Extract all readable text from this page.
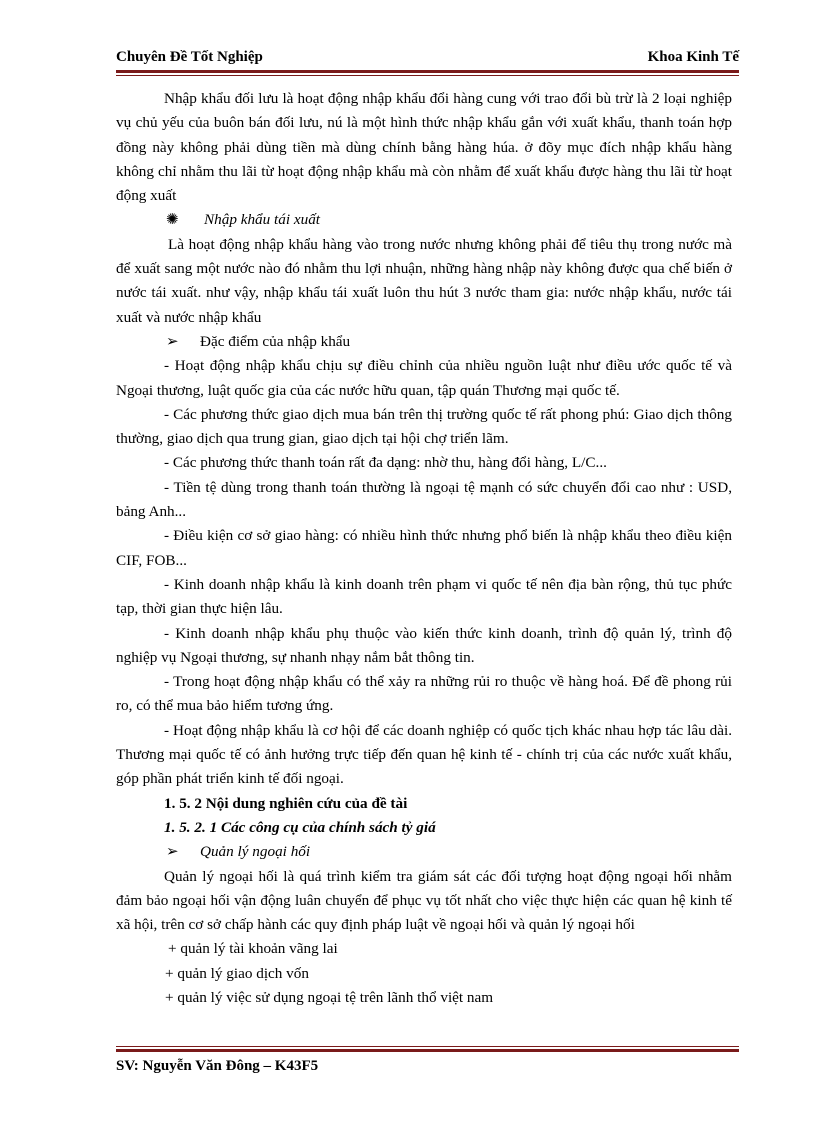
Chuyên Đề Tốt Nghiệp	Khoa Kinh Tế

Nhập khẩu đối lưu là hoạt động nhập khẩu đổi hàng cung với trao đổi bù trừ là 2 loại nghiệp vụ chủ yếu của buôn bán đối lưu, nú là một hình thức nhập khẩu gắn với xuất khẩu, thanh toán hợp đồng này không phải dùng tiền mà dùng chính bằng hàng húa. ở đõy mục đích nhập khẩu hàng không chỉ nhằm thu lãi từ hoạt động nhập khẩu mà còn nhằm để xuất khẩu được hàng thu lãi từ hoạt động xuất

✺ Nhập khẩu tái xuất

Là hoạt động nhập khẩu hàng vào trong nước nhưng không phải để tiêu thụ trong nước mà để xuất sang một nước nào đó nhằm thu lợi nhuận, những hàng nhập này không được qua chế biến ở nước tái xuất. như vậy, nhập khẩu tái xuất luôn thu hút 3 nước tham gia: nước nhập khẩu, nước tái xuất và nước nhập khẩu

➢ Đặc điểm của nhập khẩu

- Hoạt động nhập khẩu chịu sự điều chỉnh của nhiều nguồn luật như điều ước quốc tế và Ngoại thương, luật quốc gia của các nước hữu quan, tập quán Thương mại quốc tế.

- Các phương thức giao dịch mua bán trên thị trường quốc tế rất phong phú: Giao dịch thông thường, giao dịch qua trung gian, giao dịch tại hội chợ triển lãm.

- Các phương thức thanh toán rất đa dạng: nhờ thu, hàng đổi hàng, L/C...

- Tiền tệ dùng trong thanh toán thường là ngoại tệ mạnh có sức chuyển đổi cao như : USD, bảng Anh...

- Điều kiện cơ sở giao hàng: có nhiều hình thức nhưng phổ biến là nhập khẩu theo điều kiện CIF, FOB...

- Kinh doanh nhập khẩu là kinh doanh trên phạm vi quốc tế nên địa bàn rộng, thủ tục phức tạp, thời gian thực hiện lâu.

- Kinh doanh nhập khẩu phụ thuộc vào kiến thức kinh doanh, trình độ quản lý, trình độ nghiệp vụ Ngoại thương, sự nhanh nhạy nắm bắt thông tin.

- Trong hoạt động nhập khẩu có thể xảy ra những rủi ro thuộc về hàng hoá. Để đề phong rủi ro, có thể mua bảo hiểm tương ứng.

- Hoạt động nhập khẩu là cơ hội để các doanh nghiệp có quốc tịch khác nhau hợp tác lâu dài. Thương mại quốc tế có ảnh hưởng trực tiếp đến quan hệ kinh tế - chính trị của các nước xuất khẩu, góp phần phát triển kinh tế đối ngoại.

1. 5. 2 Nội dung nghiên cứu của đề tài

1. 5. 2. 1 Các công cụ của chính sách tỷ giá

➢ Quản lý ngoại hối

Quản lý ngoại hối là quá trình kiểm tra giám sát các đối tượng hoạt động ngoại hối nhằm đảm bảo ngoại hối vận động luân chuyển để phục vụ tốt nhất cho việc thực hiện các quan hệ kinh tế xã hội, trên cơ sở chấp hành các quy định pháp luật về ngoại hối và quản lý ngoại hối

+ quản lý tài khoản vãng lai

+ quản lý giao dịch vốn

+ quản lý việc sử dụng ngoại tệ trên lãnh thổ việt nam

SV: Nguyễn Văn Đông – K43F5
